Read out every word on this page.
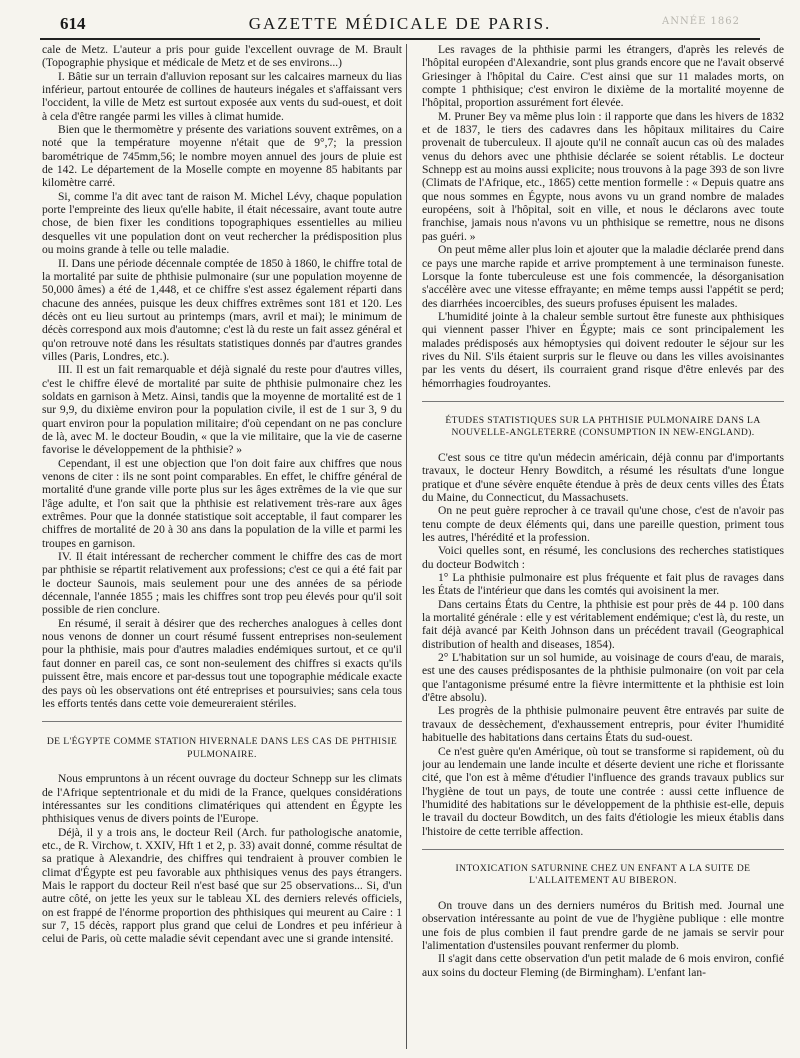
614	GAZETTE MÉDICALE DE PARIS.	ANNÉE 1862

cale de Metz. L'auteur a pris pour guide l'excellent ouvrage de M. Brault (Topographie physique et médicale de Metz et de ses environs...)

I. Bâtie sur un terrain d'alluvion reposant sur les calcaires marneux du lias inférieur, partout entourée de collines de hauteurs inégales et s'affaissant vers l'occident, la ville de Metz est surtout exposée aux vents du sud-ouest, et doit à cela d'être rangée parmi les villes à climat humide.

Bien que le thermomètre y présente des variations souvent extrêmes, on a noté que la température moyenne n'était que de 9°,7; la pression barométrique de 745mm,56; le nombre moyen annuel des jours de pluie est de 142. Le département de la Moselle compte en moyenne 85 habitants par kilomètre carré.

Si, comme l'a dit avec tant de raison M. Michel Lévy, chaque population porte l'empreinte des lieux qu'elle habite, il était nécessaire, avant toute autre chose, de bien fixer les conditions topographiques essentielles au milieu desquelles vit une population dont on veut rechercher la prédisposition plus ou moins grande à telle ou telle maladie.

II. Dans une période décennale comptée de 1850 à 1860, le chiffre total de la mortalité par suite de phthisie pulmonaire (sur une population moyenne de 50,000 âmes) a été de 1,448, et ce chiffre s'est assez également réparti dans chacune des années, puisque les deux chiffres extrêmes sont 181 et 120. Les décès ont eu lieu surtout au printemps (mars, avril et mai); le minimum de décès correspond aux mois d'automne; c'est là du reste un fait assez général et qu'on retrouve noté dans les résultats statistiques donnés par d'autres grandes villes (Paris, Londres, etc.).

III. Il est un fait remarquable et déjà signalé du reste pour d'autres villes, c'est le chiffre élevé de mortalité par suite de phthisie pulmonaire chez les soldats en garnison à Metz. Ainsi, tandis que la moyenne de mortalité est de 1 sur 9,9, du dixième environ pour la population civile, il est de 1 sur 3, 9 du quart environ pour la population militaire; d'où cependant on ne pas conclure de là, avec M. le docteur Boudin, « que la vie militaire, que la vie de caserne favorise le développement de la phthisie? »

Cependant, il est une objection que l'on doit faire aux chiffres que nous venons de citer : ils ne sont point comparables. En effet, le chiffre général de mortalité d'une grande ville porte plus sur les âges extrêmes de la vie que sur l'âge adulte, et l'on sait que la phthisie est relativement très-rare aux âges extrêmes. Pour que la donnée statistique soit acceptable, il faut comparer les chiffres de mortalité de 20 à 30 ans dans la population de la ville et parmi les troupes en garnison.

IV. Il était intéressant de rechercher comment le chiffre des cas de mort par phthisie se répartit relativement aux professions; c'est ce qui a été fait par le docteur Saunois, mais seulement pour une des années de sa période décennale, l'année 1855 ; mais les chiffres sont trop peu élevés pour qu'il soit possible de rien conclure.

En résumé, il serait à désirer que des recherches analogues à celles dont nous venons de donner un court résumé fussent entreprises non-seulement pour la phthisie, mais pour d'autres maladies endémiques surtout, et ce qu'il faut donner en pareil cas, ce sont non-seulement des chiffres si exacts qu'ils puissent être, mais encore et par-dessus tout une topographie médicale exacte des pays où les observations ont été entreprises et poursuivies; sans cela tous les efforts tentés dans cette voie demeureraient stériles.

DE L'ÉGYPTE COMME STATION HIVERNALE DANS LES CAS DE PHTHISIE PULMONAIRE.

Nous empruntons à un récent ouvrage du docteur Schnepp sur les climats de l'Afrique septentrionale et du midi de la France, quelques considérations intéressantes sur les conditions climatériques qui attendent en Égypte les phthisiques venus de divers points de l'Europe.

Déjà, il y a trois ans, le docteur Reil (Arch. fur pathologische anatomie, etc., de R. Virchow, t. XXIV, Hft 1 et 2, p. 33) avait donné, comme résultat de sa pratique à Alexandrie, des chiffres qui tendraient à prouver combien le climat d'Égypte est peu favorable aux phthisiques venus des pays étrangers. Mais le rapport du docteur Reil n'est basé que sur 25 observations... Si, d'un autre côté, on jette les yeux sur le tableau XL des derniers relevés officiels, on est frappé de l'énorme proportion des phthisiques qui meurent au Caire : 1 sur 7, 15 décès, rapport plus grand que celui de Londres et peu inférieur à celui de Paris, où cette maladie sévit cependant avec une si grande intensité.

Les ravages de la phthisie parmi les étrangers, d'après les relevés de l'hôpital européen d'Alexandrie, sont plus grands encore que ne l'avait observé Griesinger à l'hôpital du Caire. C'est ainsi que sur 11 malades morts, on compte 1 phthisique; c'est environ le dixième de la mortalité moyenne de l'hôpital, proportion assurément fort élevée.

M. Pruner Bey va même plus loin : il rapporte que dans les hivers de 1832 et de 1837, le tiers des cadavres dans les hôpitaux militaires du Caire provenait de tuberculeux. Il ajoute qu'il ne connaît aucun cas où des malades venus du dehors avec une phthisie déclarée se soient rétablis. Le docteur Schnepp est au moins aussi explicite; nous trouvons à la page 393 de son livre (Climats de l'Afrique, etc., 1865) cette mention formelle : « Depuis quatre ans que nous sommes en Égypte, nous avons vu un grand nombre de malades européens, soit à l'hôpital, soit en ville, et nous le déclarons avec toute franchise, jamais nous n'avons vu un phthisique se remettre, nous ne disons pas guéri. »

On peut même aller plus loin et ajouter que la maladie déclarée prend dans ce pays une marche rapide et arrive promptement à une terminaison funeste. Lorsque la fonte tuberculeuse est une fois commencée, la désorganisation s'accélère avec une vitesse effrayante; en même temps aussi l'appétit se perd; des diarrhées incoercibles, des sueurs profuses épuisent les malades.

L'humidité jointe à la chaleur semble surtout être funeste aux phthisiques qui viennent passer l'hiver en Égypte; mais ce sont principalement les malades prédisposés aux hémoptysies qui doivent redouter le séjour sur les rives du Nil. S'ils étaient surpris sur le fleuve ou dans les villes avoisinantes par les vents du désert, ils courraient grand risque d'être enlevés par des hémorrhagies foudroyantes.

ÉTUDES STATISTIQUES SUR LA PHTHISIE PULMONAIRE DANS LA NOUVELLE-ANGLETERRE (CONSUMPTION IN NEW-ENGLAND).

C'est sous ce titre qu'un médecin américain, déjà connu par d'importants travaux, le docteur Henry Bowditch, a résumé les résultats d'une longue pratique et d'une sévère enquête étendue à près de deux cents villes des États du Maine, du Connecticut, du Massachusets.

On ne peut guère reprocher à ce travail qu'une chose, c'est de n'avoir pas tenu compte de deux éléments qui, dans une pareille question, priment tous les autres, l'hérédité et la profession.

Voici quelles sont, en résumé, les conclusions des recherches statistiques du docteur Bodwitch :

1° La phthisie pulmonaire est plus fréquente et fait plus de ravages dans les États de l'intérieur que dans les comtés qui avoisinent la mer.

Dans certains États du Centre, la phthisie est pour près de 44 p. 100 dans la mortalité générale : elle y est véritablement endémique; c'est là, du reste, un fait déjà avancé par Keith Johnson dans un précédent travail (Geographical distribution of health and diseases, 1854).

2° L'habitation sur un sol humide, au voisinage de cours d'eau, de marais, est une des causes prédisposantes de la phthisie pulmonaire (on voit par cela que l'antagonisme présumé entre la fièvre intermittente et la phthisie est loin d'être absolu).

Les progrès de la phthisie pulmonaire peuvent être entravés par suite de travaux de dessèchement, d'exhaussement entrepris, pour éviter l'humidité habituelle des habitations dans certains États du sud-ouest.

Ce n'est guère qu'en Amérique, où tout se transforme si rapidement, où du jour au lendemain une lande inculte et déserte devient une riche et florissante cité, que l'on est à même d'étudier l'influence des grands travaux publics sur l'hygiène de tout un pays, de toute une contrée : aussi cette influence de l'humidité des habitations sur le développement de la phthisie est-elle, depuis le travail du docteur Bowditch, un des faits d'étiologie les mieux établis dans l'histoire de cette terrible affection.

INTOXICATION SATURNINE CHEZ UN ENFANT A LA SUITE DE L'ALLAITEMENT AU BIBERON.

On trouve dans un des derniers numéros du British med. Journal une observation intéressante au point de vue de l'hygiène publique : elle montre une fois de plus combien il faut prendre garde de ne jamais se servir pour l'alimentation d'ustensiles pouvant renfermer du plomb.

Il s'agit dans cette observation d'un petit malade de 6 mois environ, confié aux soins du docteur Fleming (de Birmingham). L'enfant lan-
